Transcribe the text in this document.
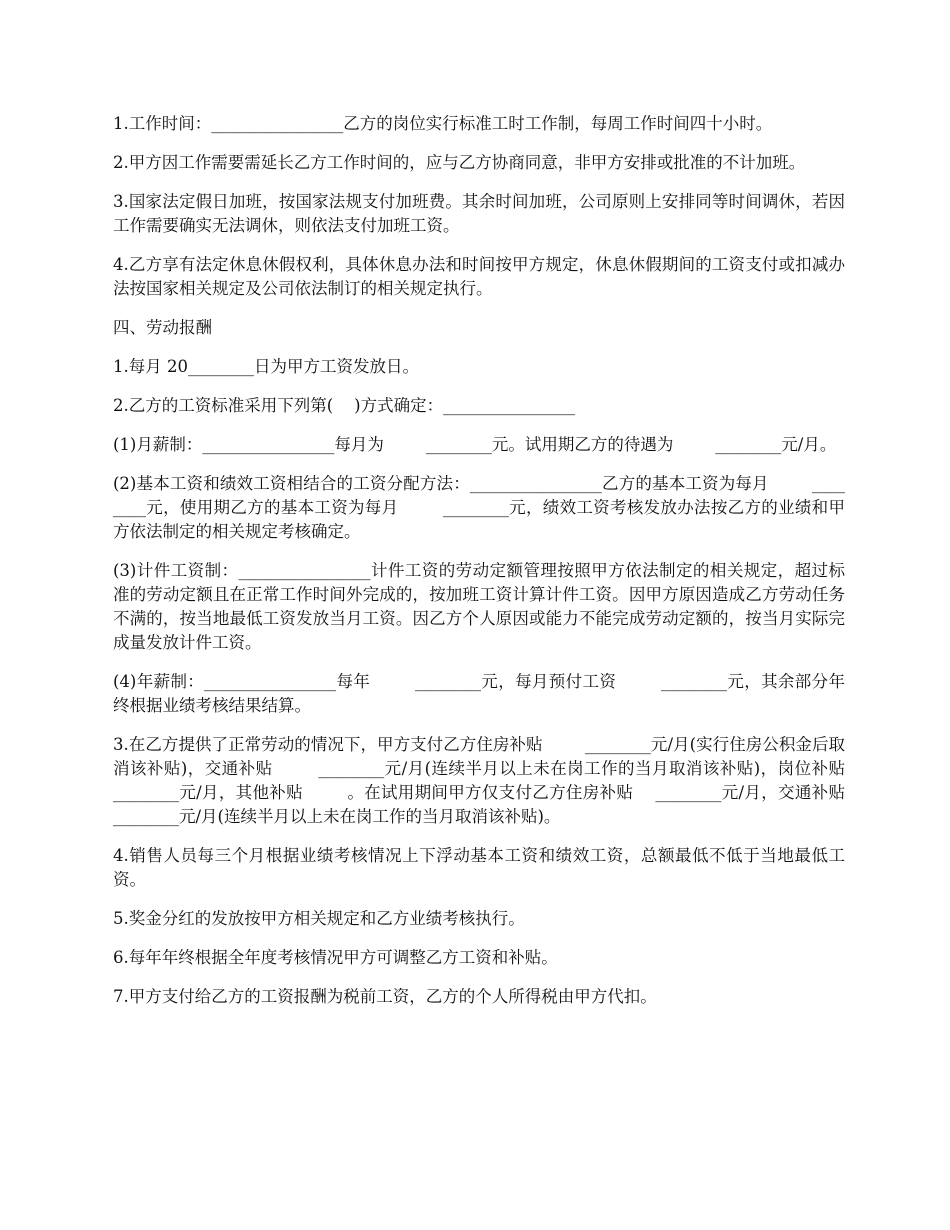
1.工作时间：________________乙方的岗位实行标准工时工作制，每周工作时间四十小时。

2.甲方因工作需要需延长乙方工作时间的，应与乙方协商同意，非甲方安排或批准的不计加班。

3.国家法定假日加班，按国家法规支付加班费。其余时间加班，公司原则上安排同等时间调休，若因工作需要确实无法调休，则依法支付加班工资。

4.乙方享有法定休息休假权利，具体休息办法和时间按甲方规定，休息休假期间的工资支付或扣减办法按国家相关规定及公司依法制订的相关规定执行。

四、劳动报酬

1.每月 20________日为甲方工资发放日。

2.乙方的工资标准采用下列第(    )方式确定：________________

(1)月薪制：________________每月为        ________元。试用期乙方的待遇为        ________元/月。

(2)基本工资和绩效工资相结合的工资分配方法：________________乙方的基本工资为每月        ________元，使用期乙方的基本工资为每月        ________元，绩效工资考核发放办法按乙方的业绩和甲方依法制定的相关规定考核确定。

(3)计件工资制：________________计件工资的劳动定额管理按照甲方依法制定的相关规定，超过标准的劳动定额且在正常工作时间外完成的，按加班工资计算计件工资。因甲方原因造成乙方劳动任务不满的，按当地最低工资发放当月工资。因乙方个人原因或能力不能完成劳动定额的，按当月实际完成量发放计件工资。

(4)年薪制：________________每年        ________元，每月预付工资        ________元，其余部分年终根据业绩考核结果结算。

3.在乙方提供了正常劳动的情况下，甲方支付乙方住房补贴        ________元/月(实行住房公积金后取消该补贴)，交通补贴        ________元/月(连续半月以上未在岗工作的当月取消该补贴)，岗位补贴        ________元/月，其他补贴        。在试用期间甲方仅支付乙方住房补贴    ________元/月，交通补贴    ________元/月(连续半月以上未在岗工作的当月取消该补贴)。

4.销售人员每三个月根据业绩考核情况上下浮动基本工资和绩效工资，总额最低不低于当地最低工资。

5.奖金分红的发放按甲方相关规定和乙方业绩考核执行。

6.每年年终根据全年度考核情况甲方可调整乙方工资和补贴。

7.甲方支付给乙方的工资报酬为税前工资，乙方的个人所得税由甲方代扣。
